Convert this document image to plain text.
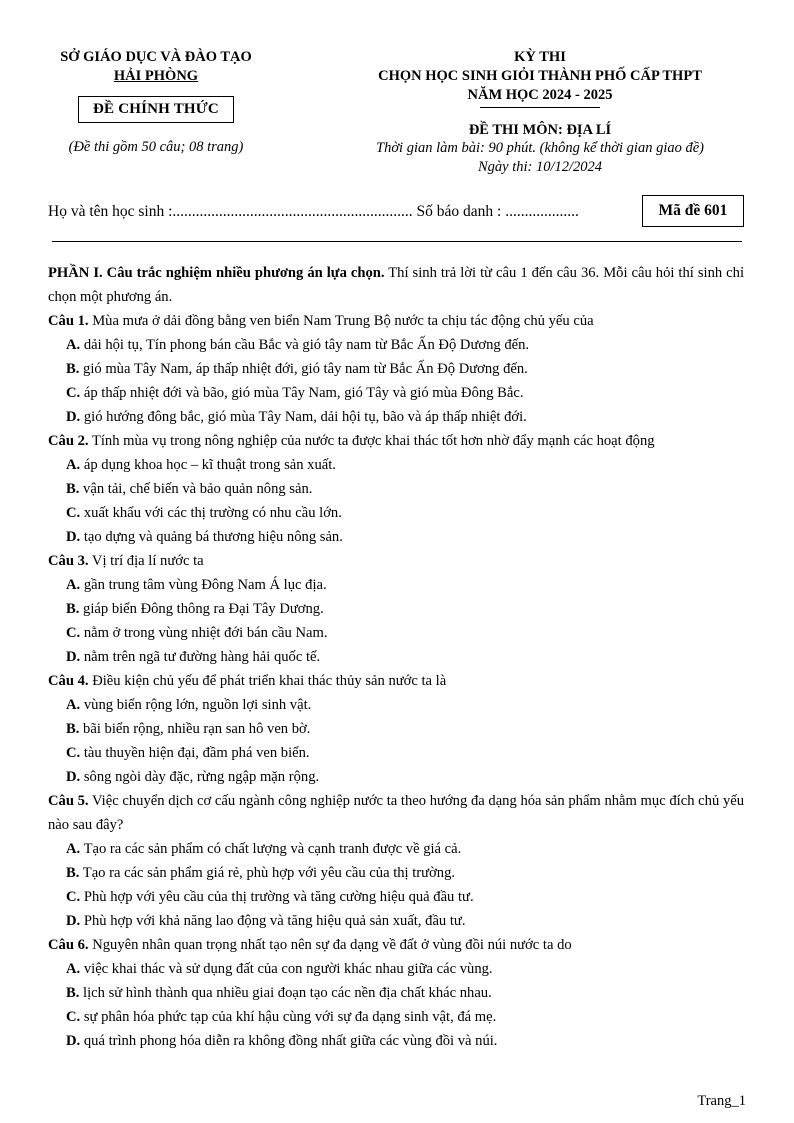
SỞ GIÁO DỤC VÀ ĐÀO TẠO
HẢI PHÒNG
ĐỀ CHÍNH THỨC
(Đề thi gồm 50 câu; 08 trang)
KỲ THI
CHỌN HỌC SINH GIỎI THÀNH PHỐ CẤP THPT
NĂM HỌC 2024 - 2025
ĐỀ THI MÔN: ĐỊA LÍ
Thời gian làm bài: 90 phút. (không kể thời gian giao đề)
Ngày thi: 10/12/2024
Họ và tên học sinh :.............................................................. Số báo danh : ...................	Mã đề 601

PHẦN I. Câu trắc nghiệm nhiều phương án lựa chọn. Thí sinh trả lời từ câu 1 đến câu 36. Mỗi câu hỏi thí sinh chỉ chọn một phương án.

Câu 1. Mùa mưa ở dải đồng bằng ven biển Nam Trung Bộ nước ta chịu tác động chủ yếu của

A. dải hội tụ, Tín phong bán cầu Bắc và gió tây nam từ Bắc Ấn Độ Dương đến.

B. gió mùa Tây Nam, áp thấp nhiệt đới, gió tây nam từ Bắc Ấn Độ Dương đến.

C. áp thấp nhiệt đới và bão, gió mùa Tây Nam, gió Tây và gió mùa Đông Bắc.

D. gió hướng đông bắc, gió mùa Tây Nam, dải hội tụ, bão và áp thấp nhiệt đới.

Câu 2. Tính mùa vụ trong nông nghiệp của nước ta được khai thác tốt hơn nhờ đẩy mạnh các hoạt động

A. áp dụng khoa học – kĩ thuật trong sản xuất.

B. vận tải, chế biến và bảo quản nông sản.

C. xuất khẩu với các thị trường có nhu cầu lớn.

D. tạo dựng và quảng bá thương hiệu nông sản.

Câu 3. Vị trí địa lí nước ta

A. gần trung tâm vùng Đông Nam Á lục địa.

B. giáp biển Đông thông ra Đại Tây Dương.

C. nằm ở trong vùng nhiệt đới bán cầu Nam.

D. nằm trên ngã tư đường hàng hải quốc tế.

Câu 4. Điều kiện chủ yếu để phát triển khai thác thủy sản nước ta là

A. vùng biển rộng lớn, nguồn lợi sinh vật.

B. bãi biển rộng, nhiều rạn san hô ven bờ.

C. tàu thuyền hiện đại, đầm phá ven biển.

D. sông ngòi dày đặc, rừng ngập mặn rộng.

Câu 5. Việc chuyển dịch cơ cấu ngành công nghiệp nước ta theo hướng đa dạng hóa sản phẩm nhằm mục đích chủ yếu nào sau đây?

A. Tạo ra các sản phẩm có chất lượng và cạnh tranh được về giá cả.

B. Tạo ra các sản phẩm giá rẻ, phù hợp với yêu cầu của thị trường.

C. Phù hợp với yêu cầu của thị trường và tăng cường hiệu quả đầu tư.

D. Phù hợp với khả năng lao động và tăng hiệu quả sản xuất, đầu tư.

Câu 6. Nguyên nhân quan trọng nhất tạo nên sự đa dạng về đất ở vùng đồi núi nước ta do

A. việc khai thác và sử dụng đất của con người khác nhau giữa các vùng.

B. lịch sử hình thành qua nhiều giai đoạn tạo các nền địa chất khác nhau.

C. sự phân hóa phức tạp của khí hậu cùng với sự đa dạng sinh vật, đá mẹ.

D. quá trình phong hóa diễn ra không đồng nhất giữa các vùng đồi và núi.

Trang_1
